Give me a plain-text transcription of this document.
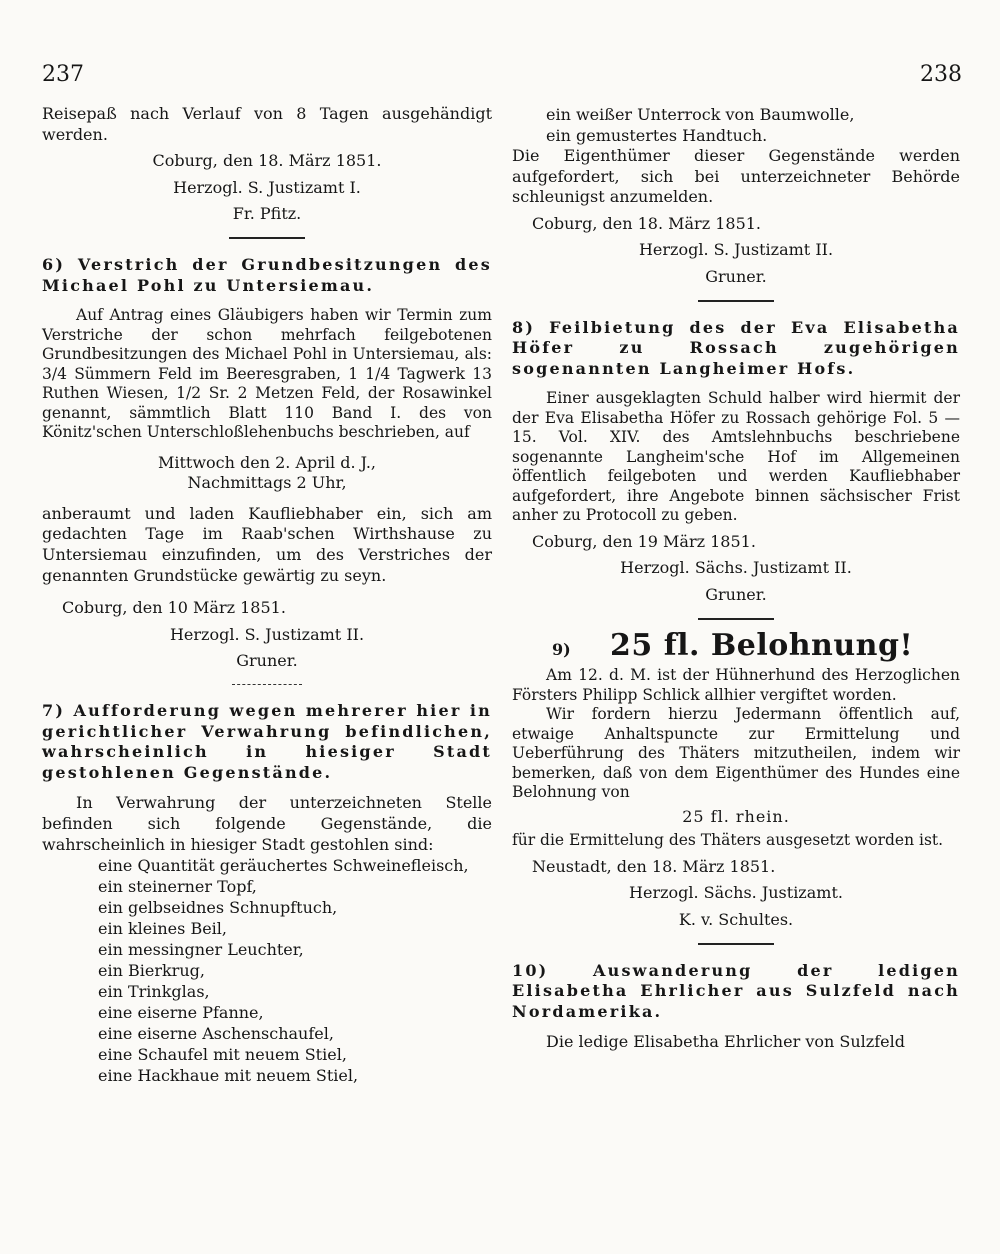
237	238

Reisepaß nach Verlauf von 8 Tagen ausgehändigt werden.

Coburg, den 18. März 1851.

Herzogl. S. Justizamt I.

Fr. Pfitz.

6) Verstrich der Grundbesitzungen des Michael Pohl zu Untersiemau.

Auf Antrag eines Gläubigers haben wir Termin zum Verstriche der schon mehrfach feilgebotenen Grundbesitzungen des Michael Pohl in Untersiemau, als: 3/4 Sümmern Feld im Beeresgraben, 1 1/4 Tagwerk 13 Ruthen Wiesen, 1/2 Sr. 2 Metzen Feld, der Rosawinkel genannt, sämmtlich Blatt 110 Band I. des von Könitz'schen Unterschloßlehenbuchs beschrieben, auf

Mittwoch den 2. April d. J.,

Nachmittags 2 Uhr,

anberaumt und laden Kaufliebhaber ein, sich am gedachten Tage im Raab'schen Wirthshause zu Untersiemau einzufinden, um des Verstriches der genannten Grundstücke gewärtig zu seyn.

Coburg, den 10 März 1851.

Herzogl. S. Justizamt II.

Gruner.

7) Aufforderung wegen mehrerer hier in gerichtlicher Verwahrung befindlichen, wahrscheinlich in hiesiger Stadt gestohlenen Gegenstände.

In Verwahrung der unterzeichneten Stelle befinden sich folgende Gegenstände, die wahrscheinlich in hiesiger Stadt gestohlen sind:

eine Quantität geräuchertes Schweinefleisch,

ein steinerner Topf,

ein gelbseidnes Schnupftuch,

ein kleines Beil,

ein messingner Leuchter,

ein Bierkrug,

ein Trinkglas,

eine eiserne Pfanne,

eine eiserne Aschenschaufel,

eine Schaufel mit neuem Stiel,

eine Hackhaue mit neuem Stiel,

ein weißer Unterrock von Baumwolle,

ein gemustertes Handtuch.

Die Eigenthümer dieser Gegenstände werden aufgefordert, sich bei unterzeichneter Behörde schleunigst anzumelden.

Coburg, den 18. März 1851.

Herzogl. S. Justizamt II.

Gruner.

8) Feilbietung des der Eva Elisabetha Höfer zu Rossach zugehörigen sogenannten Langheimer Hofs.

Einer ausgeklagten Schuld halber wird hiermit der der Eva Elisabetha Höfer zu Rossach gehörige Fol. 5 — 15. Vol. XIV. des Amtslehnbuchs beschriebene sogenannte Langheim'sche Hof im Allgemeinen öffentlich feilgeboten und werden Kaufliebhaber aufgefordert, ihre Angebote binnen sächsischer Frist anher zu Protocoll zu geben.

Coburg, den 19 März 1851.

Herzogl. Sächs. Justizamt II.

Gruner.

9)	25 fl. Belohnung!

Am 12. d. M. ist der Hühnerhund des Herzoglichen Försters Philipp Schlick allhier vergiftet worden.

Wir fordern hierzu Jedermann öffentlich auf, etwaige Anhaltspuncte zur Ermittelung und Ueberführung des Thäters mitzutheilen, indem wir bemerken, daß von dem Eigenthümer des Hundes eine Belohnung von

25 fl. rhein.

für die Ermittelung des Thäters ausgesetzt worden ist.

Neustadt, den 18. März 1851.

Herzogl. Sächs. Justizamt.

K. v. Schultes.

10) Auswanderung der ledigen Elisabetha Ehrlicher aus Sulzfeld nach Nordamerika.

Die ledige Elisabetha Ehrlicher von Sulzfeld
